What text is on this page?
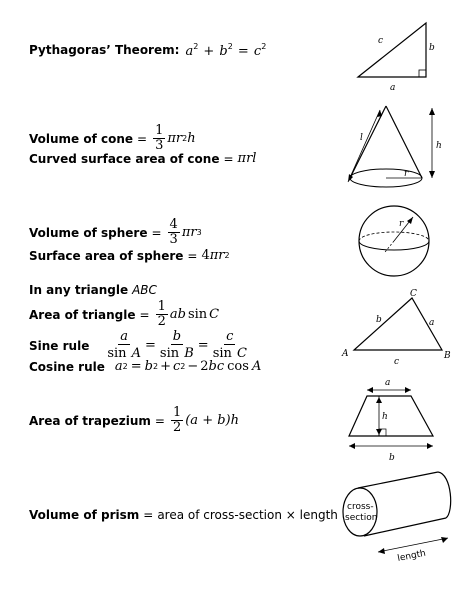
Pythagoras’ Theorem : $a^2 + b^2 = c^2$
c
b
a
Volume of cone = $\frac{1}{3}$ πr 2 h
Curved surface area of cone = πrl
l
h
r
Volume of sphere = $\frac{4}{3}$ πr 3
Surface area of sphere = 4 πr 2
r
In any triangle ABC
Area of triangle = $\frac{1}{2}$ ab sin C
Sine rule $\frac{a}{\text{sin A}} = \frac{b}{\text{sin B}} = \frac{c}{\text{sin C}}$
Cosine rule a 2 = b 2 + c 2 − 2 bc cos A
C
a
b
A	B
c
Area of trapezium = $\frac{1}{2} (a + b)h$
a
h
b
Volume of prism = area of cross-section × length
cross-
section
length
